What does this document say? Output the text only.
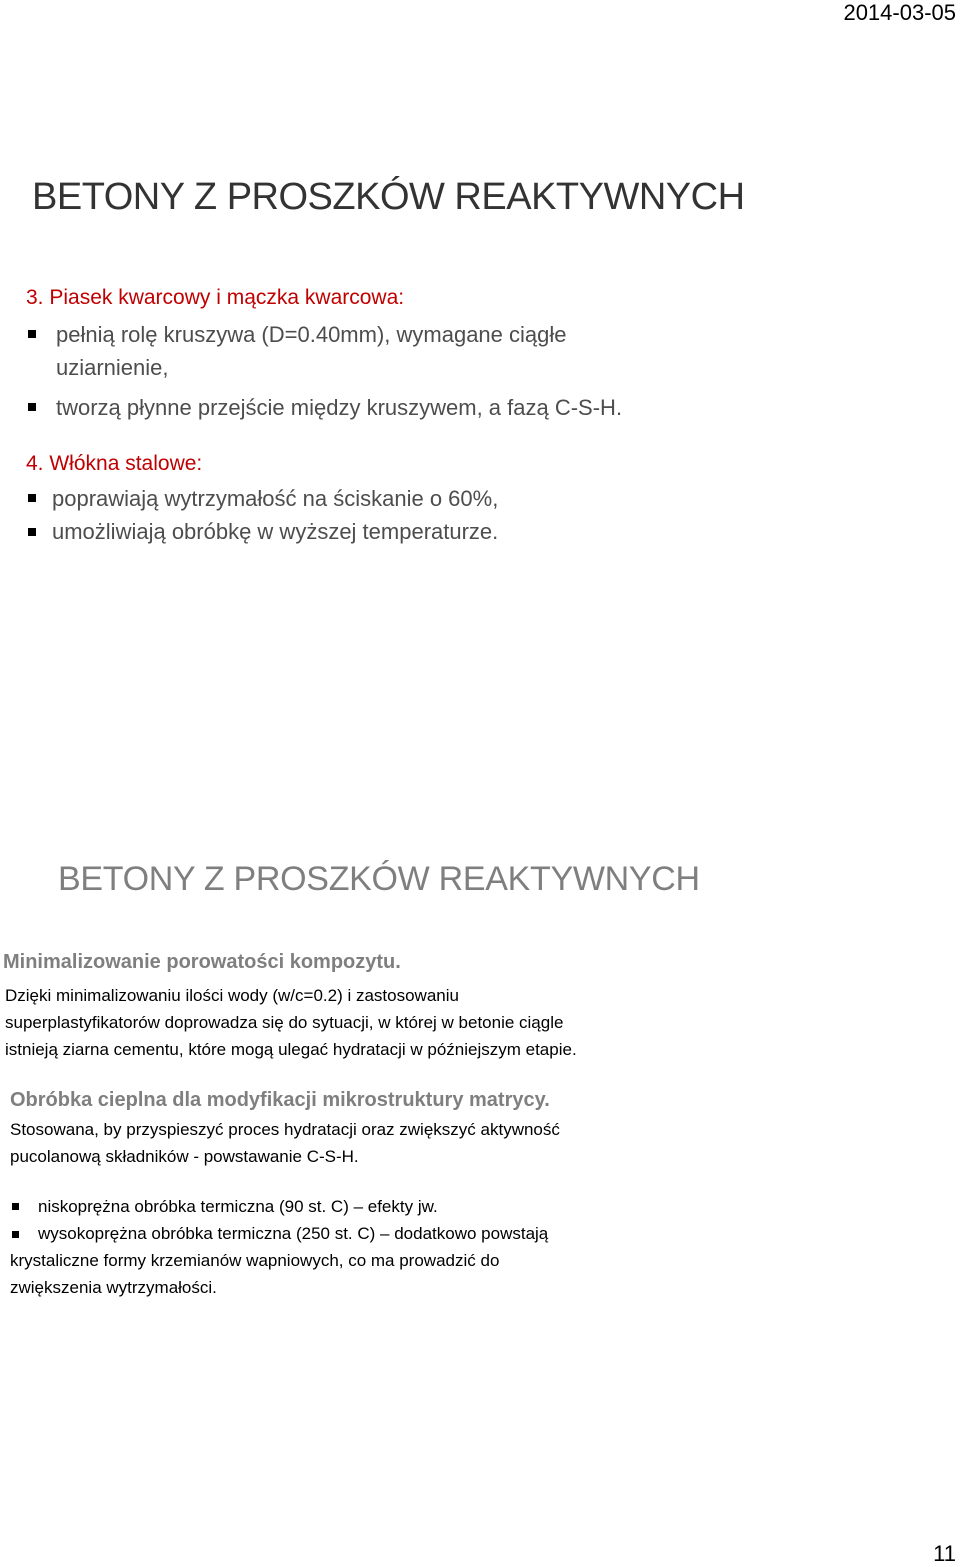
2014-03-05
BETONY Z PROSZKÓW REAKTYWNYCH
3. Piasek kwarcowy i mączka kwarcowa:
pełnią rolę kruszywa (D=0.40mm), wymagane ciągłe
uziarnienie,
tworzą płynne przejście między kruszywem, a fazą C-S-H.
4. Włókna stalowe:
poprawiają wytrzymałość na ściskanie o 60%,
umożliwiają obróbkę w wyższej temperaturze.
BETONY Z PROSZKÓW REAKTYWNYCH
Minimalizowanie porowatości kompozytu.
Dzięki minimalizowaniu ilości wody (w/c=0.2) i zastosowaniu
superplastyfikatorów doprowadza się do sytuacji, w której w betonie ciągle
istnieją ziarna cementu, które mogą ulegać hydratacji w późniejszym etapie.
Obróbka cieplna dla modyfikacji mikrostruktury matrycy.
Stosowana, by przyspieszyć proces hydratacji oraz zwiększyć aktywność
pucolanową składników - powstawanie C-S-H.
niskoprężna obróbka termiczna (90 st. C) – efekty jw.
wysokoprężna obróbka termiczna (250 st. C) – dodatkowo powstają
krystaliczne formy krzemianów wapniowych, co ma prowadzić do
zwiększenia wytrzymałości.
11
